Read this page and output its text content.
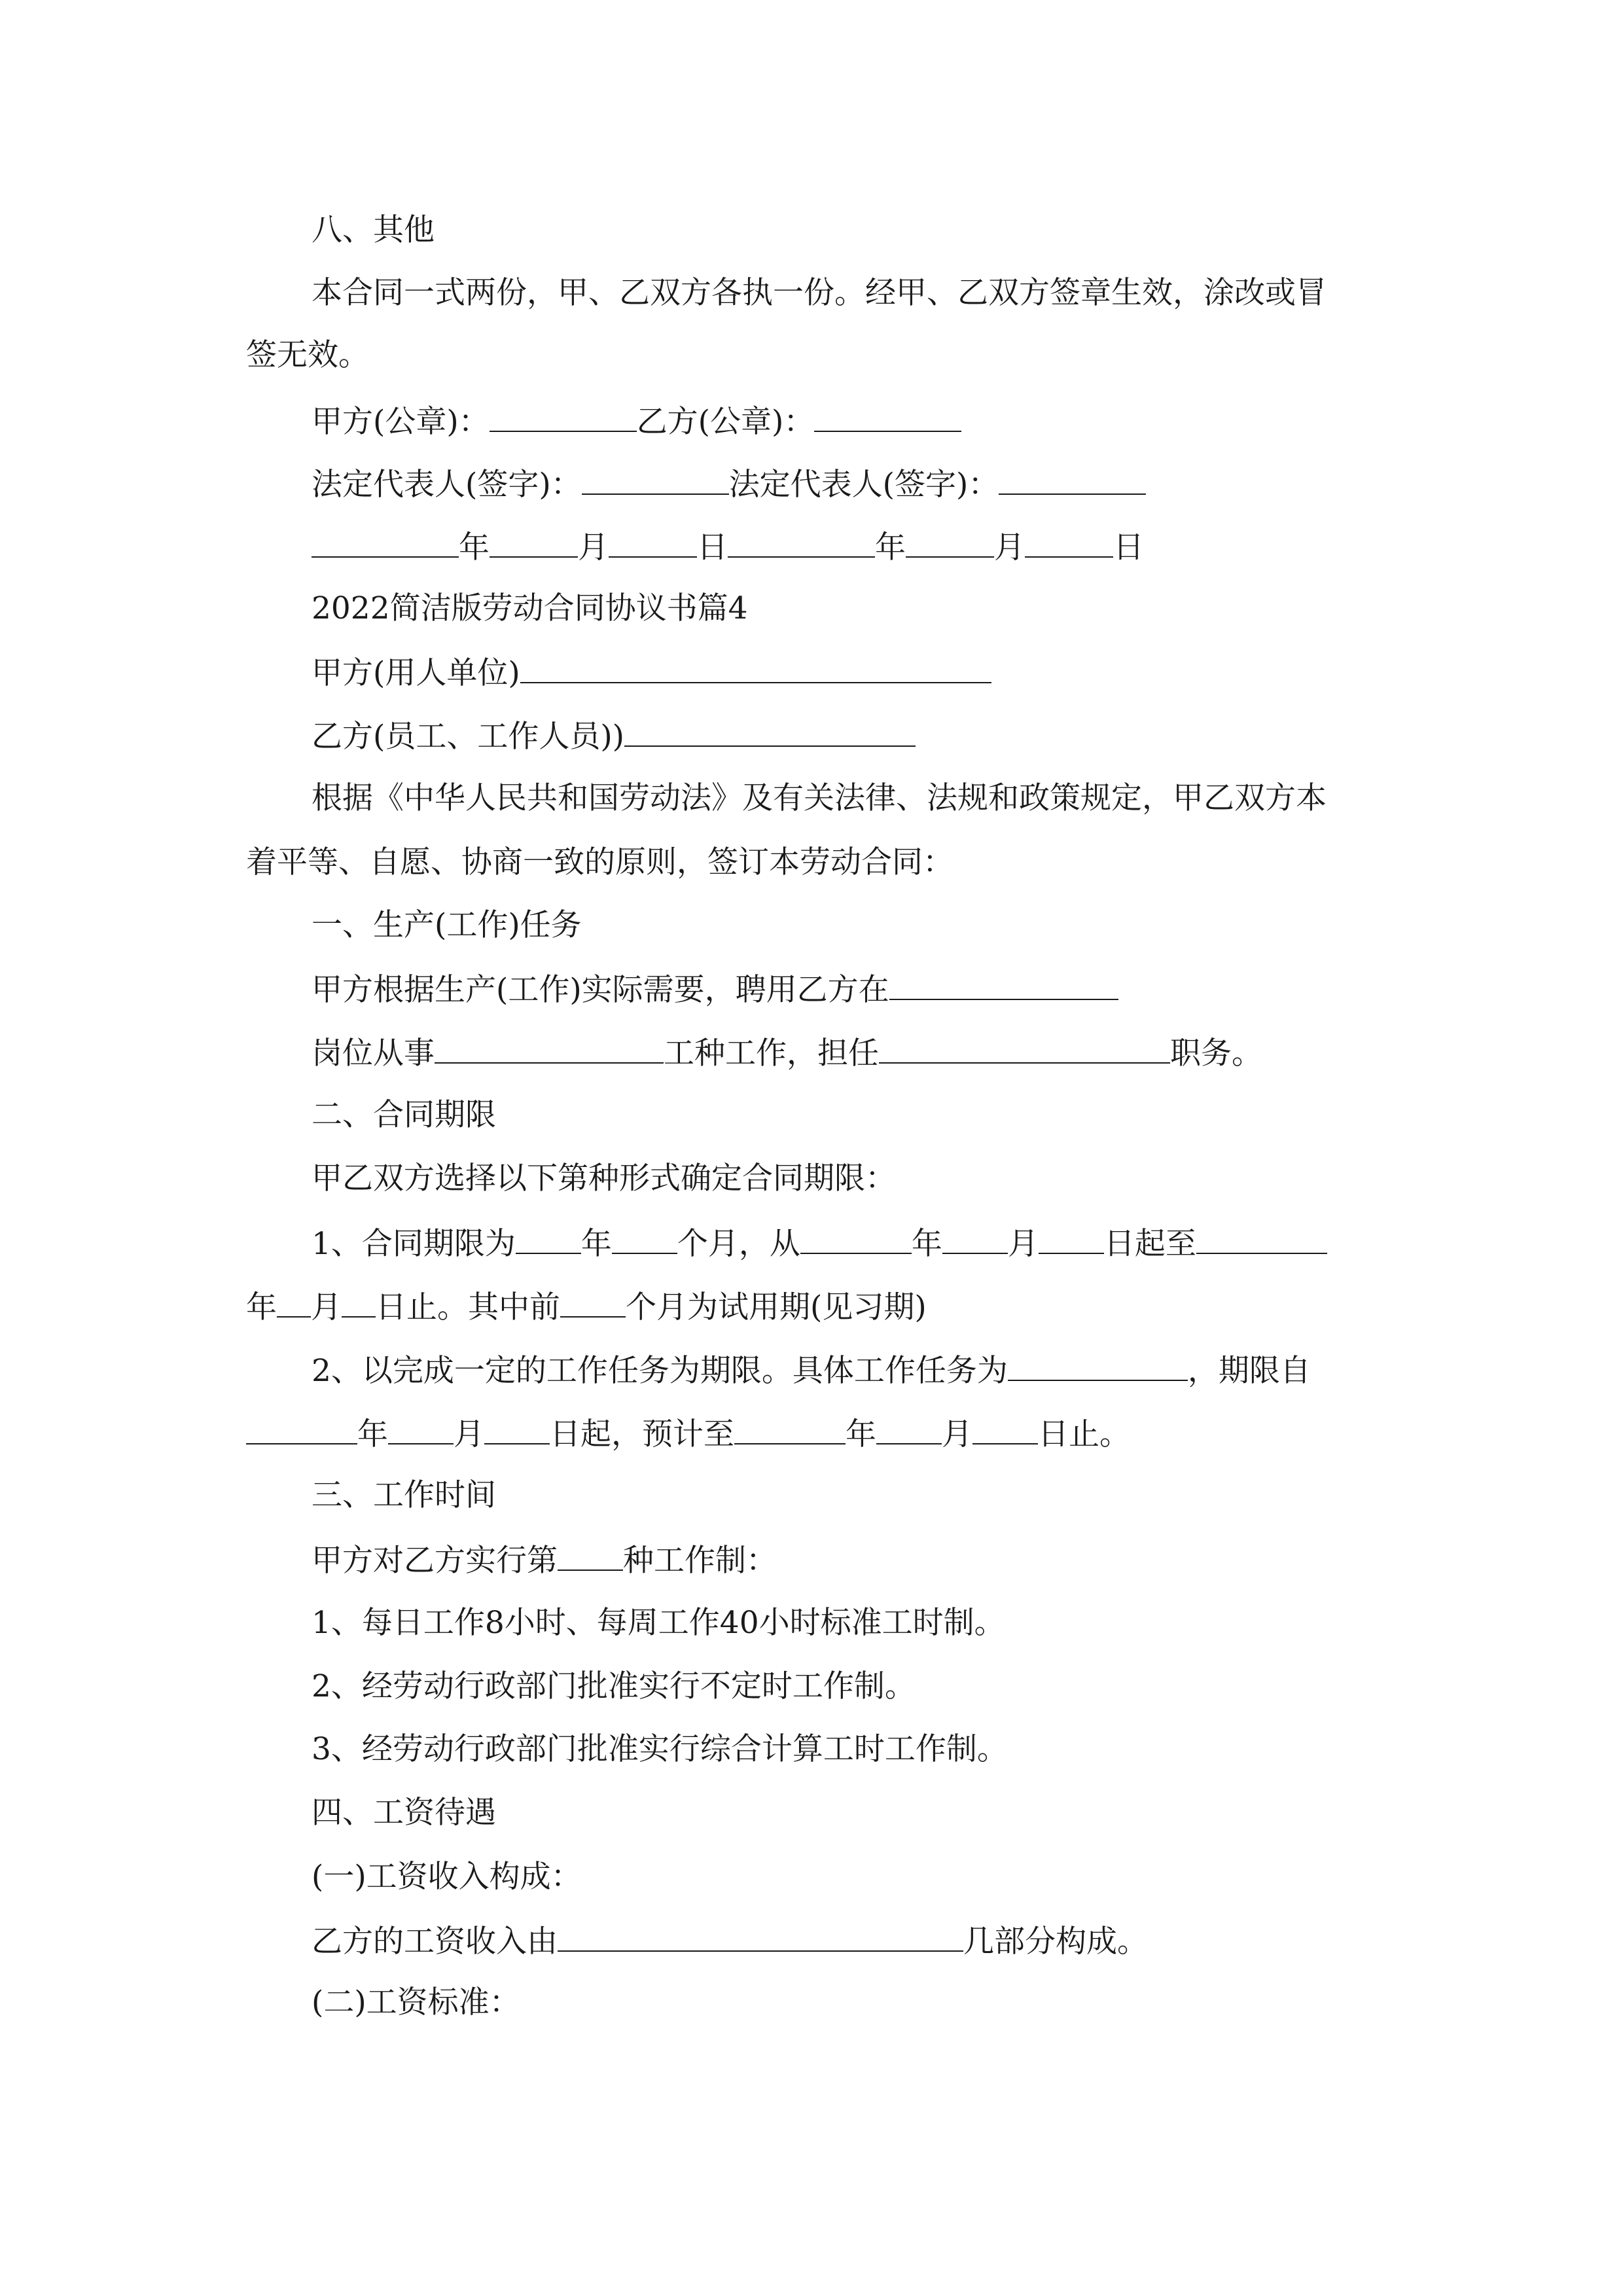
八、其他
本合同一式两份，甲、乙双方各执一份。经甲、乙双方签章生效，涂改或冒
签无效。
甲方(公章)：	乙方(公章)：
法定代表人(签字)：	法定代表人(签字)：
年	月	日	年	月	日
2022简洁版劳动合同协议书篇4
甲方(用人单位)
乙方(员工、工作人员))
根据《中华人民共和国劳动法》及有关法律、法规和政策规定，甲乙双方本
着平等、自愿、协商一致的原则，签订本劳动合同：
一、生产(工作)任务
甲方根据生产(工作)实际需要，聘用乙方在
岗位从事	工种工作，担任	职务。
二、合同期限
甲乙双方选择以下第种形式确定合同期限：
1、合同期限为 年 个月，从	年 月 日起至
年 月 日止。其中前 个月为试用期(见习期)
2、以完成一定的工作任务为期限。具体工作任务为	，期限自
年 月 日起，预计至	年 月 日止。
三、工作时间
甲方对乙方实行第 种工作制：
1、每日工作8小时、每周工作40小时标准工时制。
2、经劳动行政部门批准实行不定时工作制。
3、经劳动行政部门批准实行综合计算工时工作制。
四、工资待遇
(一)工资收入构成：
乙方的工资收入由	几部分构成。
(二)工资标准：
